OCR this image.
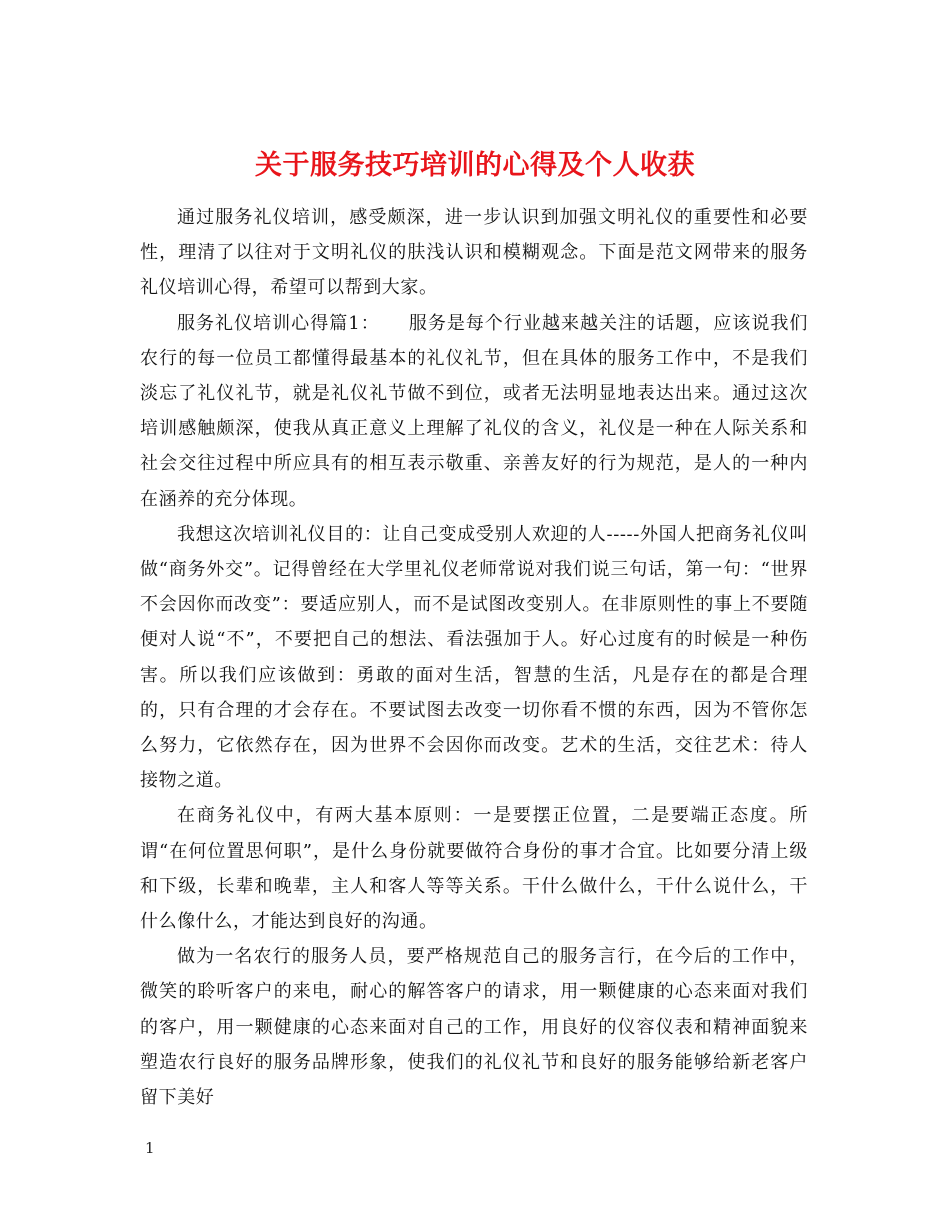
关于服务技巧培训的心得及个人收获

通过服务礼仪培训，感受颇深，进一步认识到加强文明礼仪的重要性和必要性，理清了以往对于文明礼仪的肤浅认识和模糊观念。下面是范文网带来的服务礼仪培训心得，希望可以帮到大家。

服务礼仪培训心得篇1：　　服务是每个行业越来越关注的话题，应该说我们农行的每一位员工都懂得最基本的礼仪礼节，但在具体的服务工作中，不是我们淡忘了礼仪礼节，就是礼仪礼节做不到位，或者无法明显地表达出来。通过这次培训感触颇深，使我从真正意义上理解了礼仪的含义，礼仪是一种在人际关系和社会交往过程中所应具有的相互表示敬重、亲善友好的行为规范，是人的一种内在涵养的充分体现。

我想这次培训礼仪目的：让自己变成受别人欢迎的人-----外国人把商务礼仪叫做“商务外交”。记得曾经在大学里礼仪老师常说对我们说三句话，第一句：“世界不会因你而改变”：要适应别人，而不是试图改变别人。在非原则性的事上不要随便对人说“不”，不要把自己的想法、看法强加于人。好心过度有的时候是一种伤害。所以我们应该做到：勇敢的面对生活，智慧的生活，凡是存在的都是合理的，只有合理的才会存在。不要试图去改变一切你看不惯的东西，因为不管你怎么努力，它依然存在，因为世界不会因你而改变。艺术的生活，交往艺术：待人接物之道。

在商务礼仪中，有两大基本原则：一是要摆正位置，二是要端正态度。所谓“在何位置思何职”，是什么身份就要做符合身份的事才合宜。比如要分清上级和下级，长辈和晚辈，主人和客人等等关系。干什么做什么，干什么说什么，干什么像什么，才能达到良好的沟通。

做为一名农行的服务人员，要严格规范自己的服务言行，在今后的工作中，微笑的聆听客户的来电，耐心的解答客户的请求，用一颗健康的心态来面对我们的客户，用一颗健康的心态来面对自己的工作，用良好的仪容仪表和精神面貌来塑造农行良好的服务品牌形象，使我们的礼仪礼节和良好的服务能够给新老客户留下美好

1
